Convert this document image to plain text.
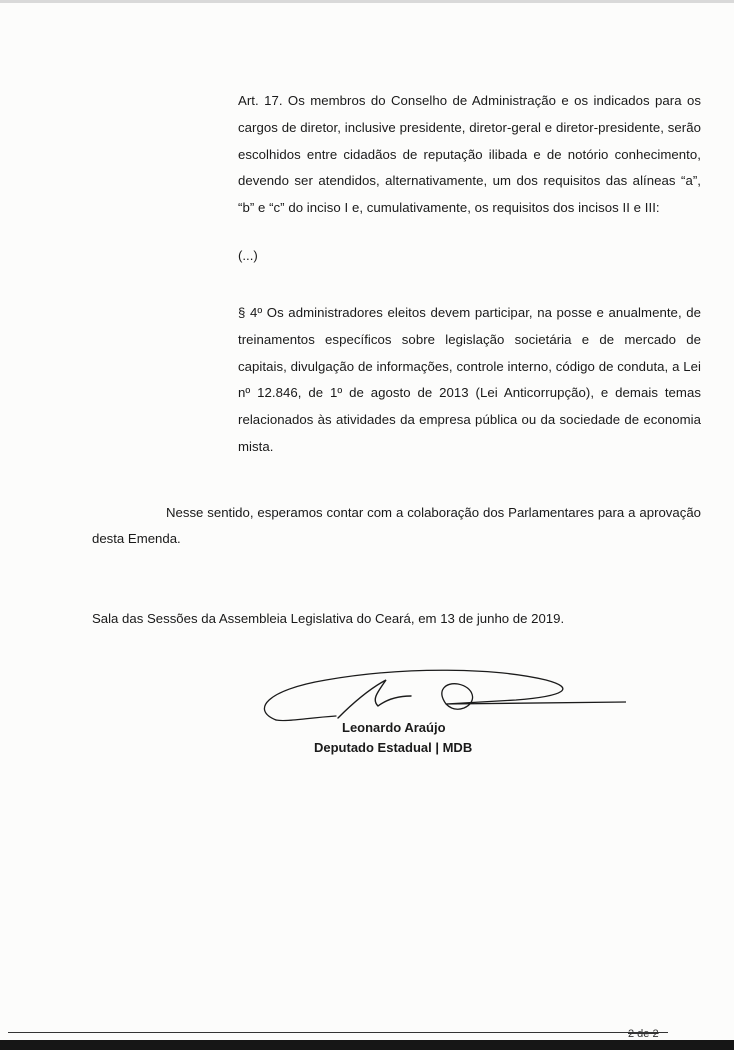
Art. 17. Os membros do Conselho de Administração e os indicados para os cargos de diretor, inclusive presidente, diretor-geral e diretor-presidente, serão escolhidos entre cidadãos de reputação ilibada e de notório conhecimento, devendo ser atendidos, alternativamente, um dos requisitos das alíneas “a”, “b” e “c” do inciso I e, cumulativamente, os requisitos dos incisos II e III:
(...)
§ 4º Os administradores eleitos devem participar, na posse e anualmente, de treinamentos específicos sobre legislação societária e de mercado de capitais, divulgação de informações, controle interno, código de conduta, a Lei nº 12.846, de 1º de agosto de 2013 (Lei Anticorrupção), e demais temas relacionados às atividades da empresa pública ou da sociedade de economia mista.
Nesse sentido, esperamos contar com a colaboração dos Parlamentares para a aprovação desta Emenda.
Sala das Sessões da Assembleia Legislativa do Ceará, em 13 de junho de 2019.
Leonardo Araújo
Deputado Estadual | MDB
2 de 2
